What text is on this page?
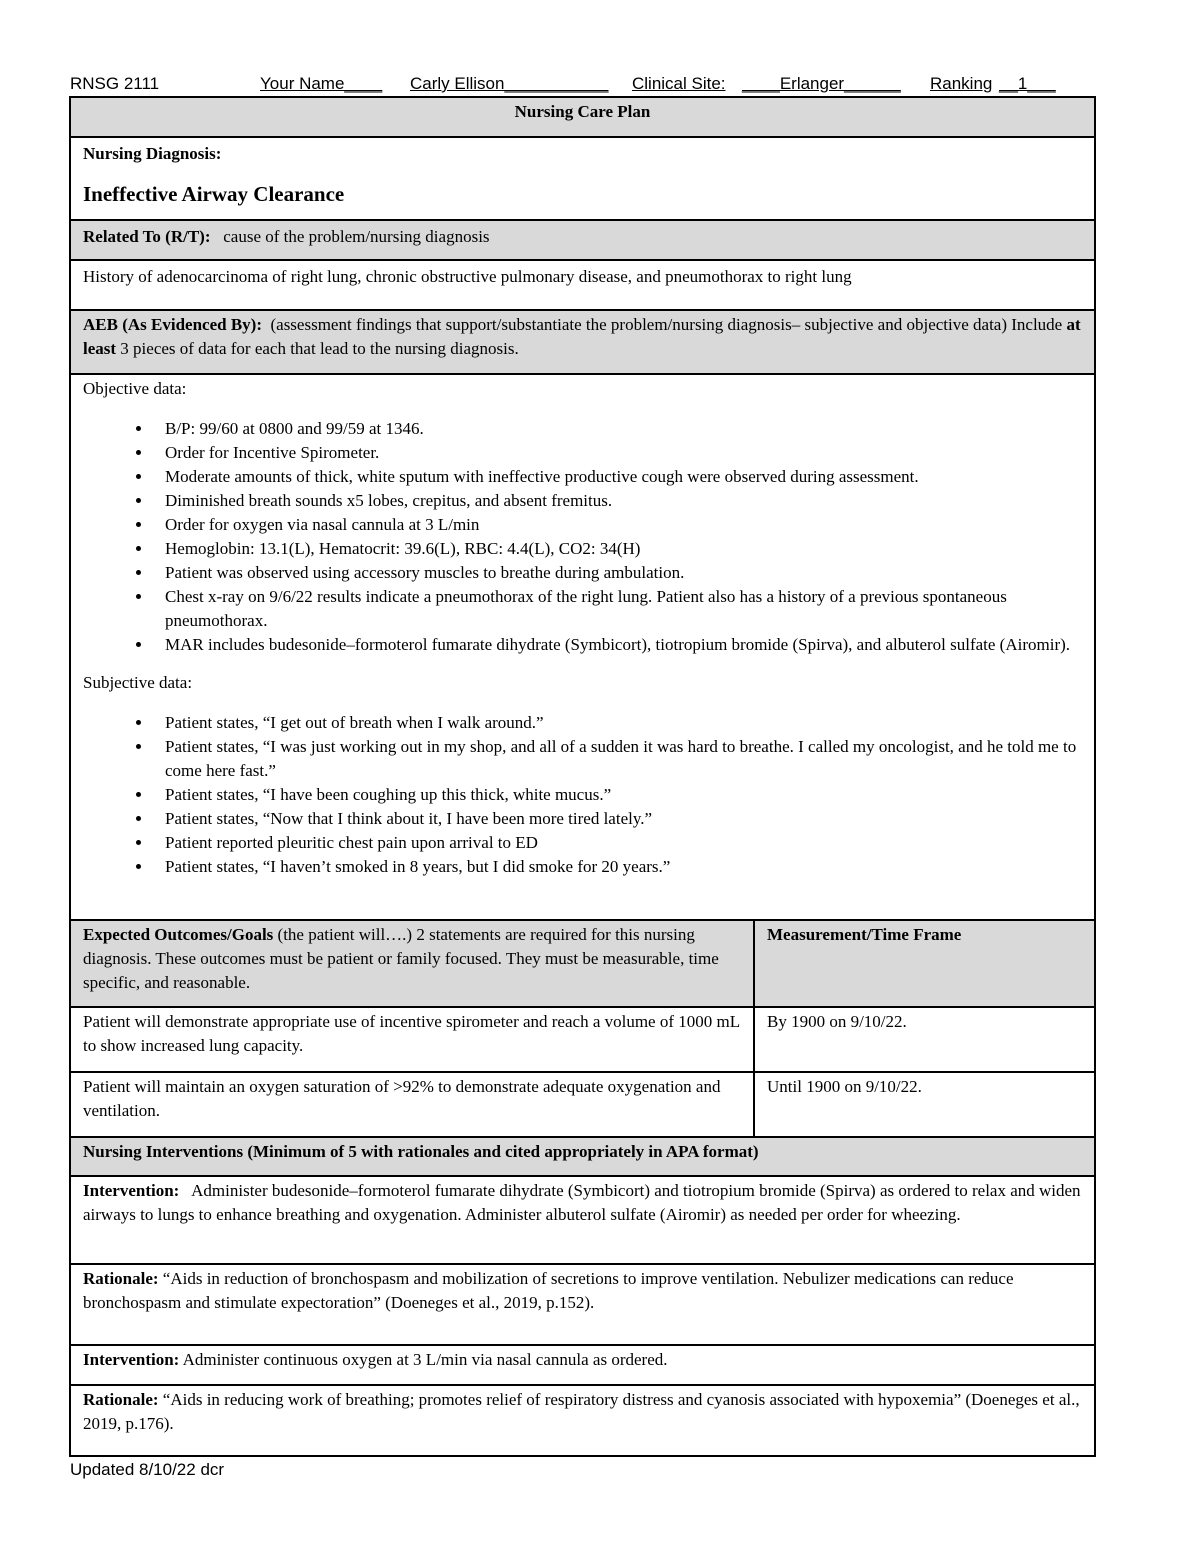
RNSG 2111	Your Name____ Carly Ellison___________ Clinical Site: ____Erlanger______ Ranking __1___
Nursing Care Plan
Nursing Diagnosis:
Ineffective Airway Clearance
Related To (R/T): cause of the problem/nursing diagnosis
History of adenocarcinoma of right lung, chronic obstructive pulmonary disease, and pneumothorax to right lung
AEB (As Evidenced By): (assessment findings that support/substantiate the problem/nursing diagnosis– subjective and objective data) Include at least 3 pieces of data for each that lead to the nursing diagnosis.

Objective data:

• B/P: 99/60 at 0800 and 99/59 at 1346.
• Order for Incentive Spirometer.
• Moderate amounts of thick, white sputum with ineffective productive cough were observed during assessment.
• Diminished breath sounds x5 lobes, crepitus, and absent fremitus.
• Order for oxygen via nasal cannula at 3 L/min
• Hemoglobin: 13.1(L), Hematocrit: 39.6(L), RBC: 4.4(L), CO2: 34(H)
• Patient was observed using accessory muscles to breathe during ambulation.
• Chest x-ray on 9/6/22 results indicate a pneumothorax of the right lung. Patient also has a history of a previous spontaneous pneumothorax.
• MAR includes budesonide–formoterol fumarate dihydrate (Symbicort), tiotropium bromide (Spirva), and albuterol sulfate (Airomir).

Subjective data:

• Patient states, “I get out of breath when I walk around.”
• Patient states, “I was just working out in my shop, and all of a sudden it was hard to breathe. I called my oncologist, and he told me to come here fast.”
• Patient states, “I have been coughing up this thick, white mucus.”
• Patient states, “Now that I think about it, I have been more tired lately.”
• Patient reported pleuritic chest pain upon arrival to ED
• Patient states, “I haven’t smoked in 8 years, but I did smoke for 20 years.”
Expected Outcomes/Goals (the patient will….) 2 statements are required for this nursing diagnosis. These outcomes must be patient or family focused. They must be measurable, time specific, and reasonable.
Measurement/Time Frame
Patient will demonstrate appropriate use of incentive spirometer and reach a volume of 1000 mL to show increased lung capacity.
By 1900 on 9/10/22.
Patient will maintain an oxygen saturation of >92% to demonstrate adequate oxygenation and ventilation.
Until 1900 on 9/10/22.
Nursing Interventions (Minimum of 5 with rationales and cited appropriately in APA format)
Intervention: Administer budesonide–formoterol fumarate dihydrate (Symbicort) and tiotropium bromide (Spirva) as ordered to relax and widen airways to lungs to enhance breathing and oxygenation. Administer albuterol sulfate (Airomir) as needed per order for wheezing.
Rationale: “Aids in reduction of bronchospasm and mobilization of secretions to improve ventilation. Nebulizer medications can reduce bronchospasm and stimulate expectoration” (Doeneges et al., 2019, p.152).
Intervention: Administer continuous oxygen at 3 L/min via nasal cannula as ordered.
Rationale: “Aids in reducing work of breathing; promotes relief of respiratory distress and cyanosis associated with hypoxemia” (Doeneges et al., 2019, p.176).
Updated 8/10/22 dcr
